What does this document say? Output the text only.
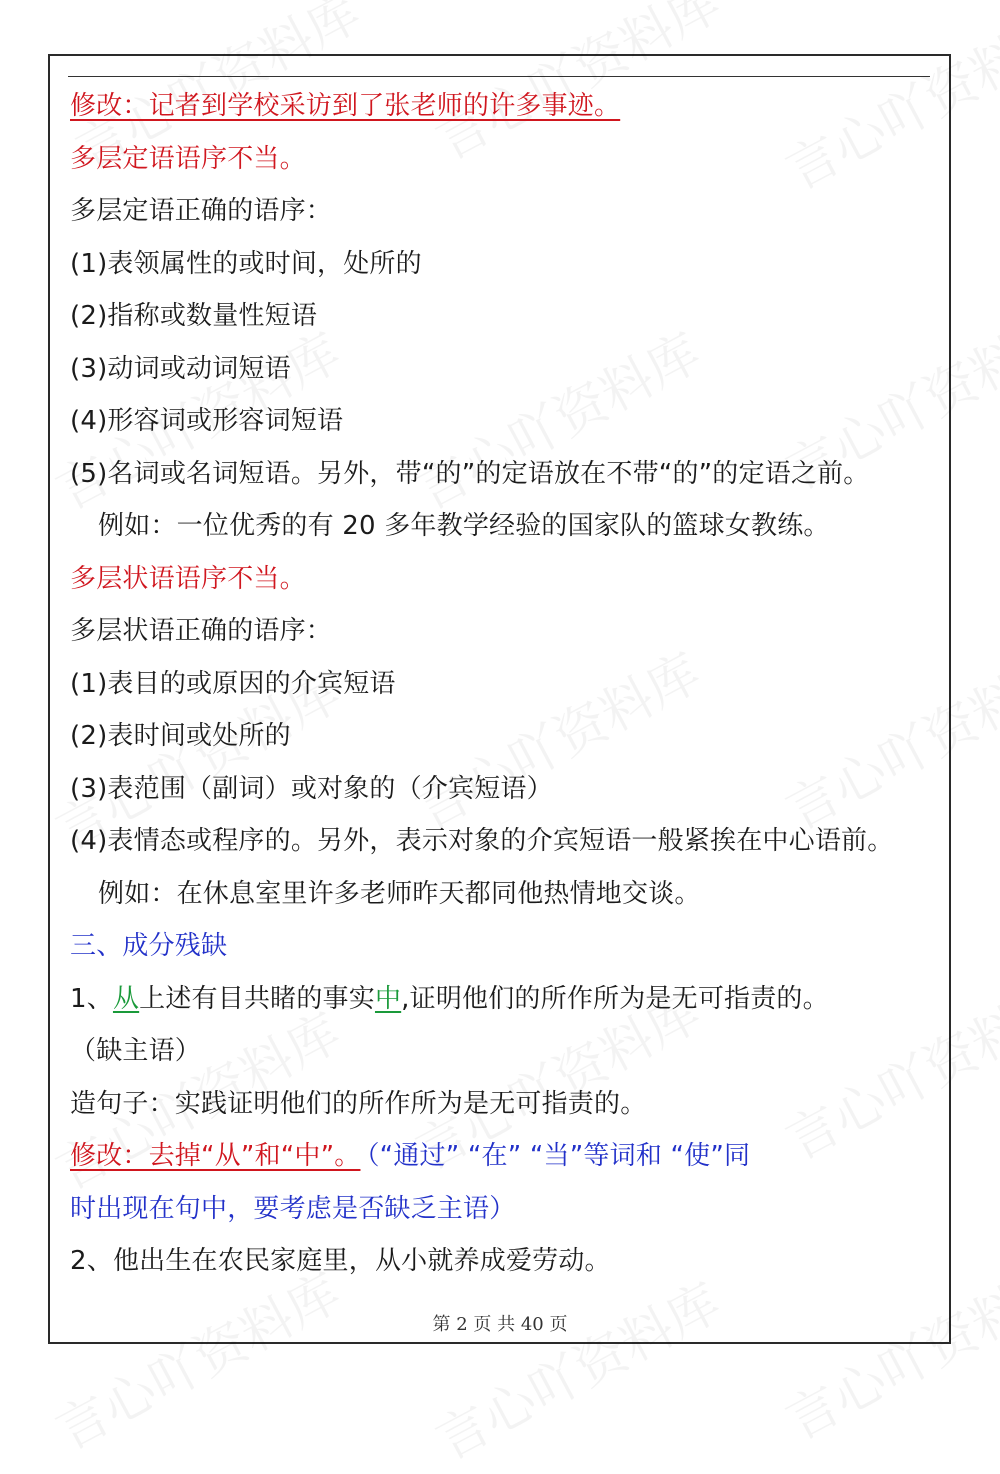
修改：记者到学校采访到了张老师的许多事迹。
多层定语语序不当。
多层定语正确的语序：
(1)表领属性的或时间，处所的
(2)指称或数量性短语
(3)动词或动词短语
(4)形容词或形容词短语
(5)名词或名词短语。另外，带“的”的定语放在不带“的”的定语之前。
例如：一位优秀的有 20 多年教学经验的国家队的篮球女教练。
多层状语语序不当。
多层状语正确的语序：
(1)表目的或原因的介宾短语
(2)表时间或处所的
(3)表范围（副词）或对象的（介宾短语）
(4)表情态或程序的。另外，表示对象的介宾短语一般紧挨在中心语前。
例如：在休息室里许多老师昨天都同他热情地交谈。
三、成分残缺
1、从上述有目共睹的事实中,证明他们的所作所为是无可指责的。
（缺主语）
造句子：实践证明他们的所作所为是无可指责的。
修改：去掉“从”和“中”。 （“通过” “在” “当”等词和 “使”同
时出现在句中，要考虑是否缺乏主语）
2、他出生在农民家庭里，从小就养成爱劳动。
第 2 页 共 40 页
